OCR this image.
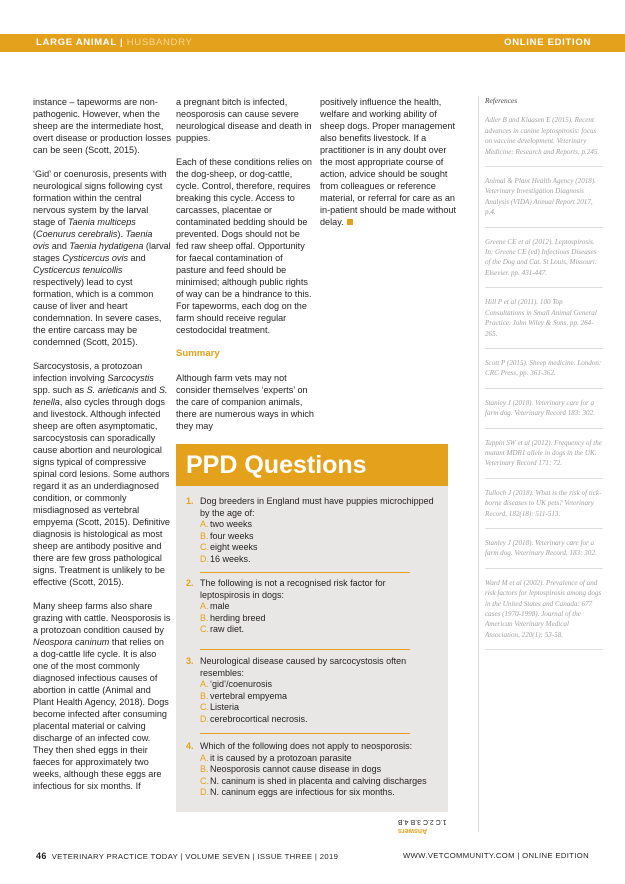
LARGE ANIMAL | HUSBANDRY	ONLINE EDITION

instance – tapeworms are non-pathogenic. However, when the sheep are the intermediate host, overt disease or production losses can be seen (Scott, 2015).

‘Gid’ or coenurosis, presents with neurological signs following cyst formation within the central nervous system by the larval stage of Taenia multiceps (Coenurus cerebralis). Taenia ovis and Taenia hydatigena (larval stages Cysticercus ovis and Cysticercus tenuicollis respectively) lead to cyst formation, which is a common cause of liver and heart condemnation. In severe cases, the entire carcass may be condemned (Scott, 2015).

Sarcocystosis, a protozoan infection involving Sarcocystis spp. such as S. arieticanis and S. tenella, also cycles through dogs and livestock. Although infected sheep are often asymptomatic, sarcocystosis can sporadically cause abortion and neurological signs typical of compressive spinal cord lesions. Some authors regard it as an underdiagnosed condition, or commonly misdiagnosed as vertebral empyema (Scott, 2015). Definitive diagnosis is histological as most sheep are antibody positive and there are few gross pathological signs. Treatment is unlikely to be effective (Scott, 2015).

Many sheep farms also share grazing with cattle. Neosporosis is a protozoan condition caused by Neospora caninum that relies on a dog-cattle life cycle. It is also one of the most commonly diagnosed infectious causes of abortion in cattle (Animal and Plant Health Agency, 2018). Dogs become infected after consuming placental material or calving discharge of an infected cow. They then shed eggs in their faeces for approximately two weeks, although these eggs are infectious for six months. If

a pregnant bitch is infected, neosporosis can cause severe neurological disease and death in puppies.

Each of these conditions relies on the dog-sheep, or dog-cattle, cycle. Control, therefore, requires breaking this cycle. Access to carcasses, placentae or contaminated bedding should be prevented. Dogs should not be fed raw sheep offal. Opportunity for faecal contamination of pasture and feed should be minimised; although public rights of way can be a hindrance to this. For tapeworms, each dog on the farm should receive regular cestodocidal treatment.

Summary

Although farm vets may not consider themselves ‘experts’ on the care of companion animals, there are numerous ways in which they may

positively influence the health, welfare and working ability of sheep dogs. Proper management also benefits livestock. If a practitioner is in any doubt over the most appropriate course of action, advice should be sought from colleagues or reference material, or referral for care as an in-patient should be made without delay.

References
Adler B and Klaasen E (2015). Recent advances in canine leptospirosis: focus on vaccine development. Veterinary Medicine: Research and Reports, p.245.
Animal & Plant Health Agency (2018). Veterinary Investigation Diagnosis Analysis (VIDA) Annual Report 2017, p.4.
Greene CE et al (2012). Leptospirosis. In: Greene CE (ed) Infectious Diseases of the Dog and Cat. St Louis, Missouri: Elsevier. pp. 431-447.
Hill P et al (2011). 100 Top Consultations in Small Animal General Practice. John Wiley & Sons, pp. 264-265.
Scott P (2015). Sheep medicine. London: CRC Press, pp. 361-362.
Stanley J (2018). Veterinary care for a farm dog. Veterinary Record 183: 302.
Tappin SW et al (2012). Frequency of the mutant MDR1 allele in dogs in the UK. Veterinary Record 171: 72.
Tulloch J (2018). What is the risk of tick-borne diseases to UK pets? Veterinary Record, 182(18): 511-513.
Stanley J (2018). Veterinary care for a farm dog. Veterinary Record, 183: 302.
Ward M et al (2002). Prevalence of and risk factors for leptospirosis among dogs in the United States and Canada: 677 cases (1970-1998). Journal of the American Veterinary Medical Association, 220(1): 53-58.
PPD Questions
1. Dog breeders in England must have puppies microchipped by the age of:
A.two weeks
B.four weeks
C.eight weeks
D.16 weeks.
2. The following is not a recognised risk factor for leptospirosis in dogs:
A.male
B.herding breed
C.raw diet.
3. Neurological disease caused by sarcocystosis often resembles:
A.‘gid’/coenurosis
B.vertebral empyema
C.Listeria
D.cerebrocortical necrosis.
4. Which of the following does not apply to neosporosis:
A.it is caused by a protozoan parasite
B.Neosporosis cannot cause disease in dogs
C.N. caninum is shed in placenta and calving discharges
D.N. caninum eggs are infectious for six months.
Answers
1.C 2.C 3.B 4.B
46 VETERINARY PRACTICE TODAY | VOLUME SEVEN | ISSUE THREE | 2019	WWW.VETCOMMUNITY.COM | ONLINE EDITION
